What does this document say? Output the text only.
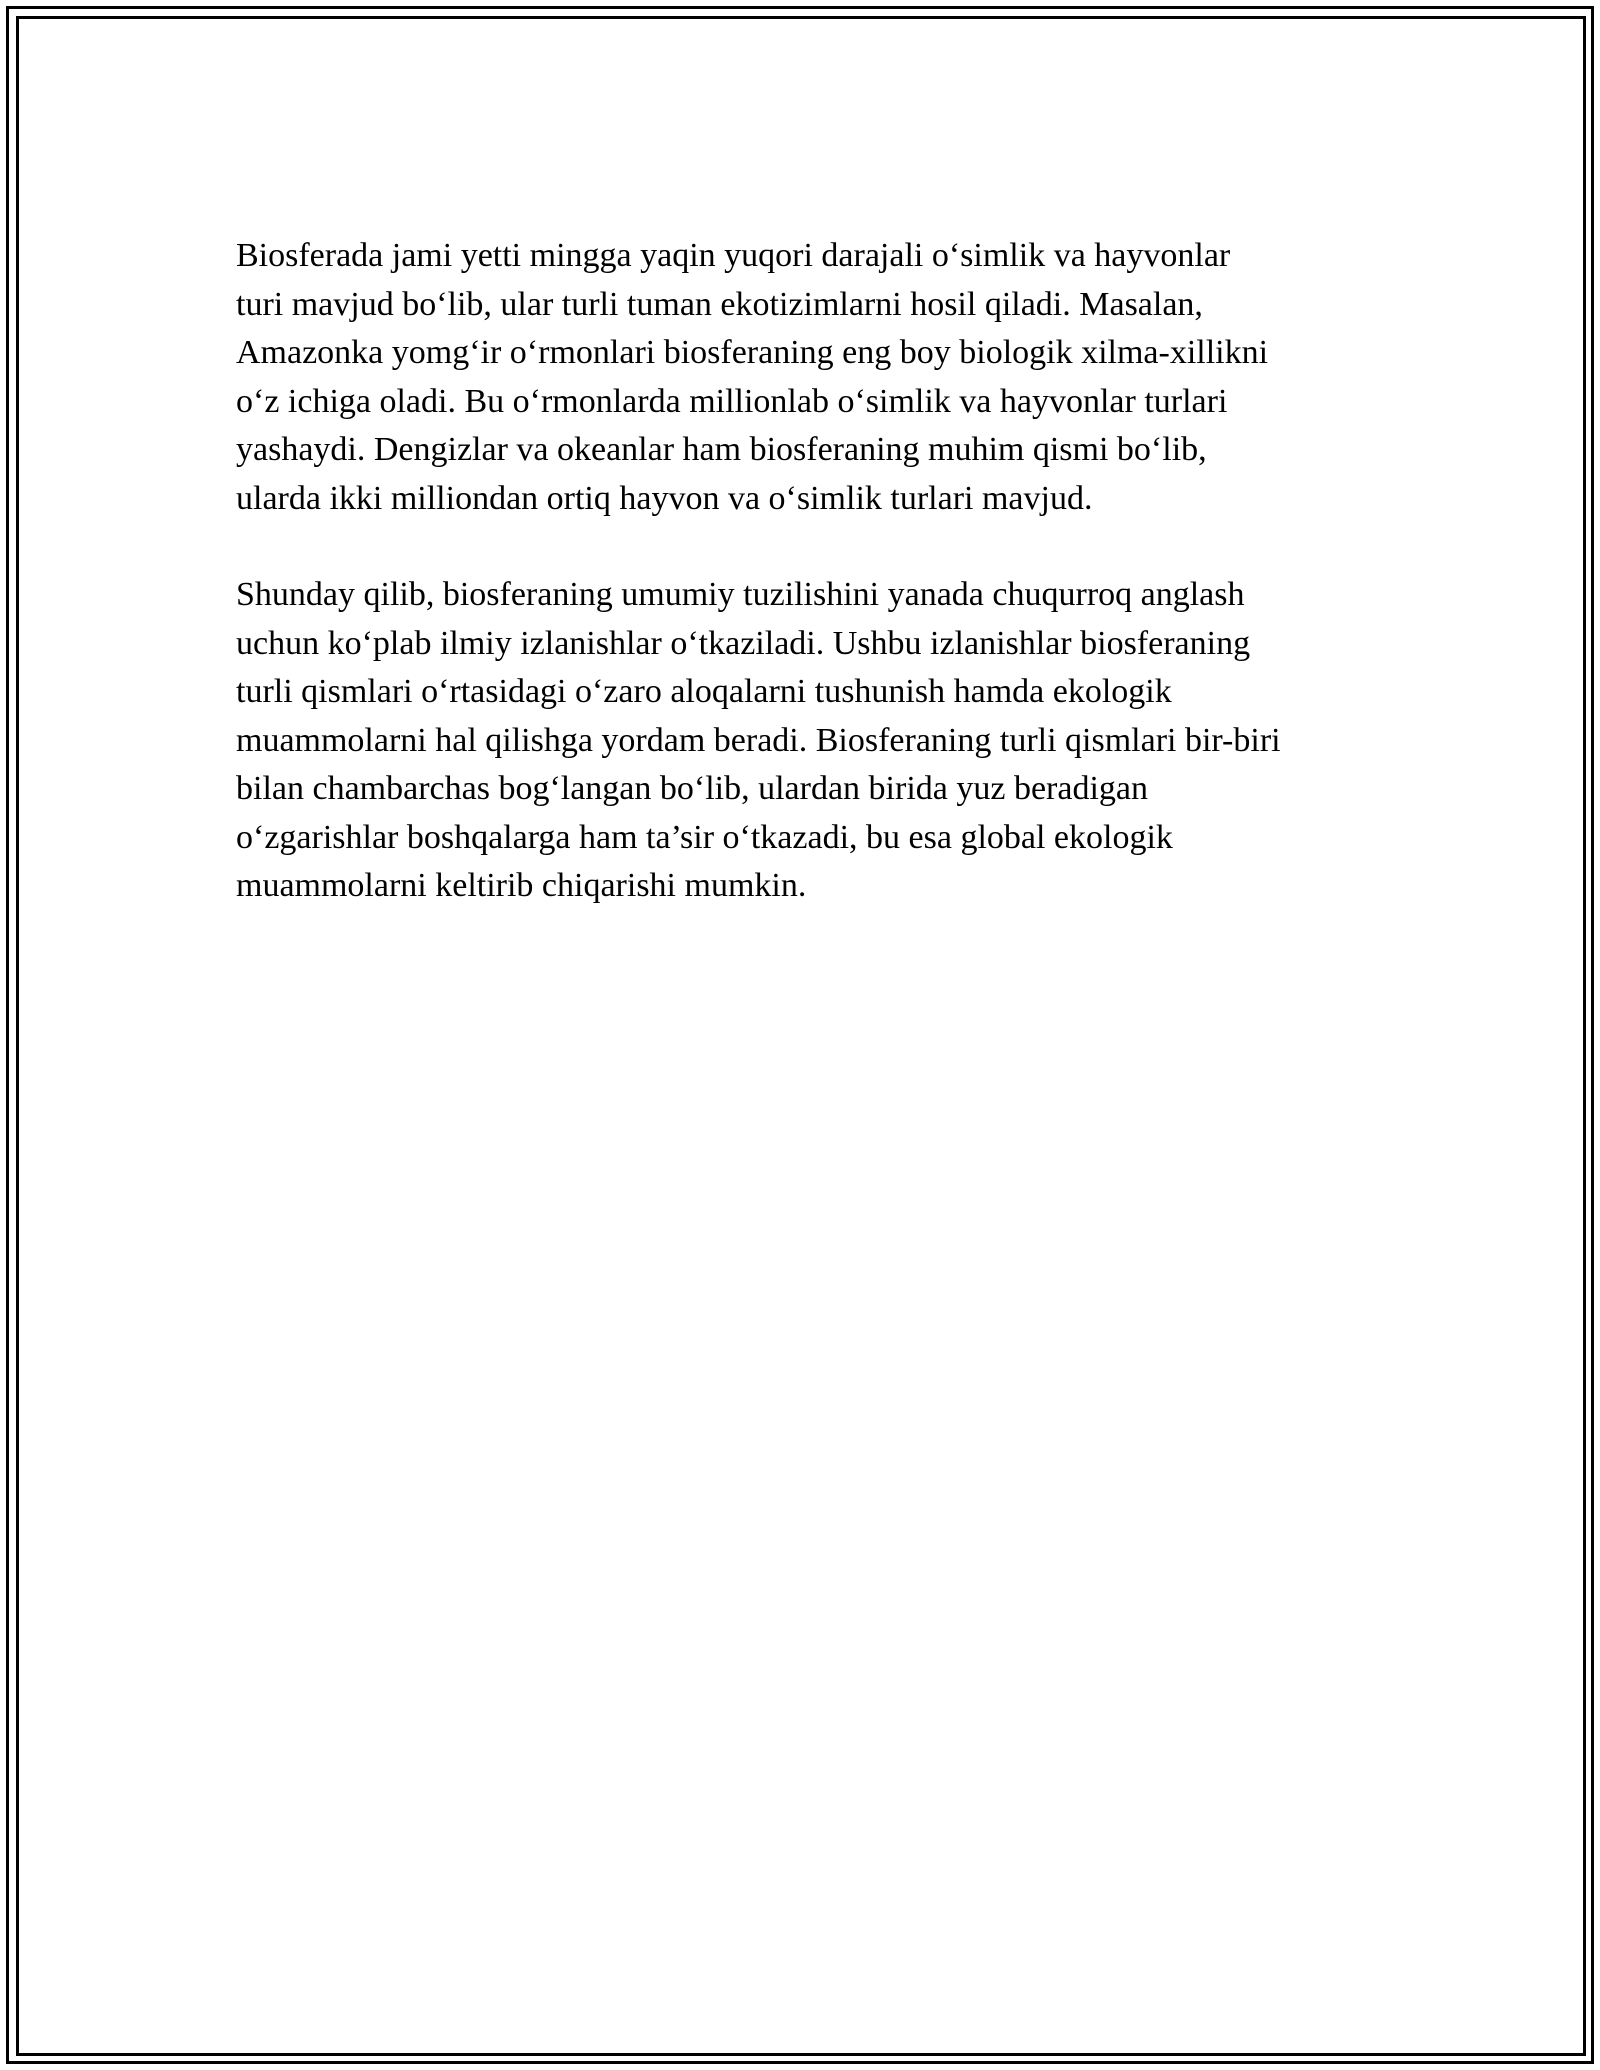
Biosferada jami yetti mingga yaqin yuqori darajali o‘simlik va hayvonlar
turi mavjud bo‘lib, ular turli tuman ekotizimlarni hosil qiladi. Masalan,
Amazonka yomg‘ir o‘rmonlari biosferaning eng boy biologik xilma-xillikni
o‘z ichiga oladi. Bu o‘rmonlarda millionlab o‘simlik va hayvonlar turlari
yashaydi. Dengizlar va okeanlar ham biosferaning muhim qismi bo‘lib,
ularda ikki milliondan ortiq hayvon va o‘simlik turlari mavjud.

Shunday qilib, biosferaning umumiy tuzilishini yanada chuqurroq anglash
uchun ko‘plab ilmiy izlanishlar o‘tkaziladi. Ushbu izlanishlar biosferaning
turli qismlari o‘rtasidagi o‘zaro aloqalarni tushunish hamda ekologik
muammolarni hal qilishga yordam beradi. Biosferaning turli qismlari bir-biri
bilan chambarchas bog‘langan bo‘lib, ulardan birida yuz beradigan
o‘zgarishlar boshqalarga ham ta’sir o‘tkazadi, bu esa global ekologik
muammolarni keltirib chiqarishi mumkin.
